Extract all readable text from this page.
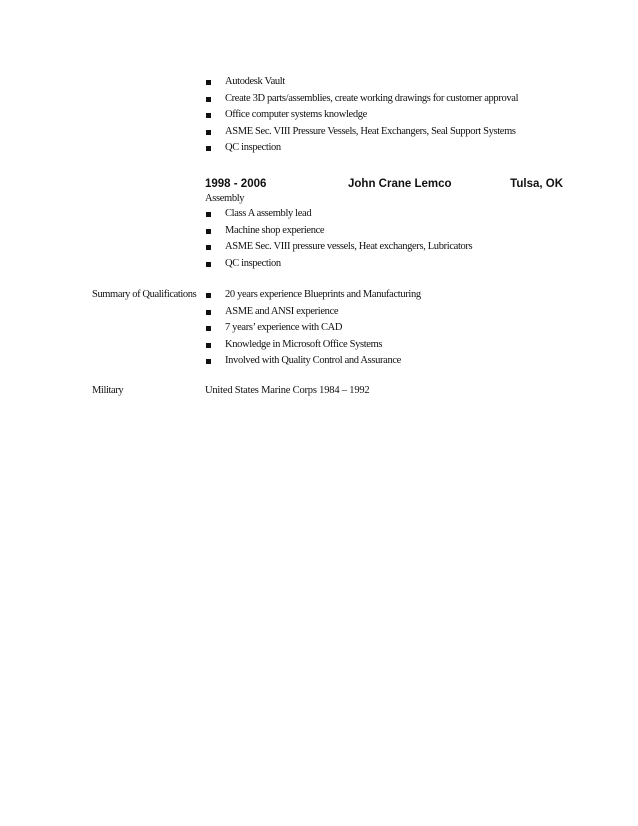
Autodesk Vault
Create 3D parts/assemblies, create working drawings for customer approval
Office computer systems knowledge
ASME Sec. VIII Pressure Vessels, Heat Exchangers, Seal Support Systems
QC inspection
1998 - 2006	John Crane Lemco	Tulsa, OK
Assembly
Class A assembly lead
Machine shop experience
ASME Sec. VIII pressure vessels, Heat exchangers, Lubricators
QC inspection
Summary of Qualifications	20 years experience Blueprints and Manufacturing
ASME and ANSI experience
7 years’ experience with CAD
Knowledge in Microsoft Office Systems
Involved with Quality Control and Assurance
Military	United States Marine Corps 1984 – 1992
